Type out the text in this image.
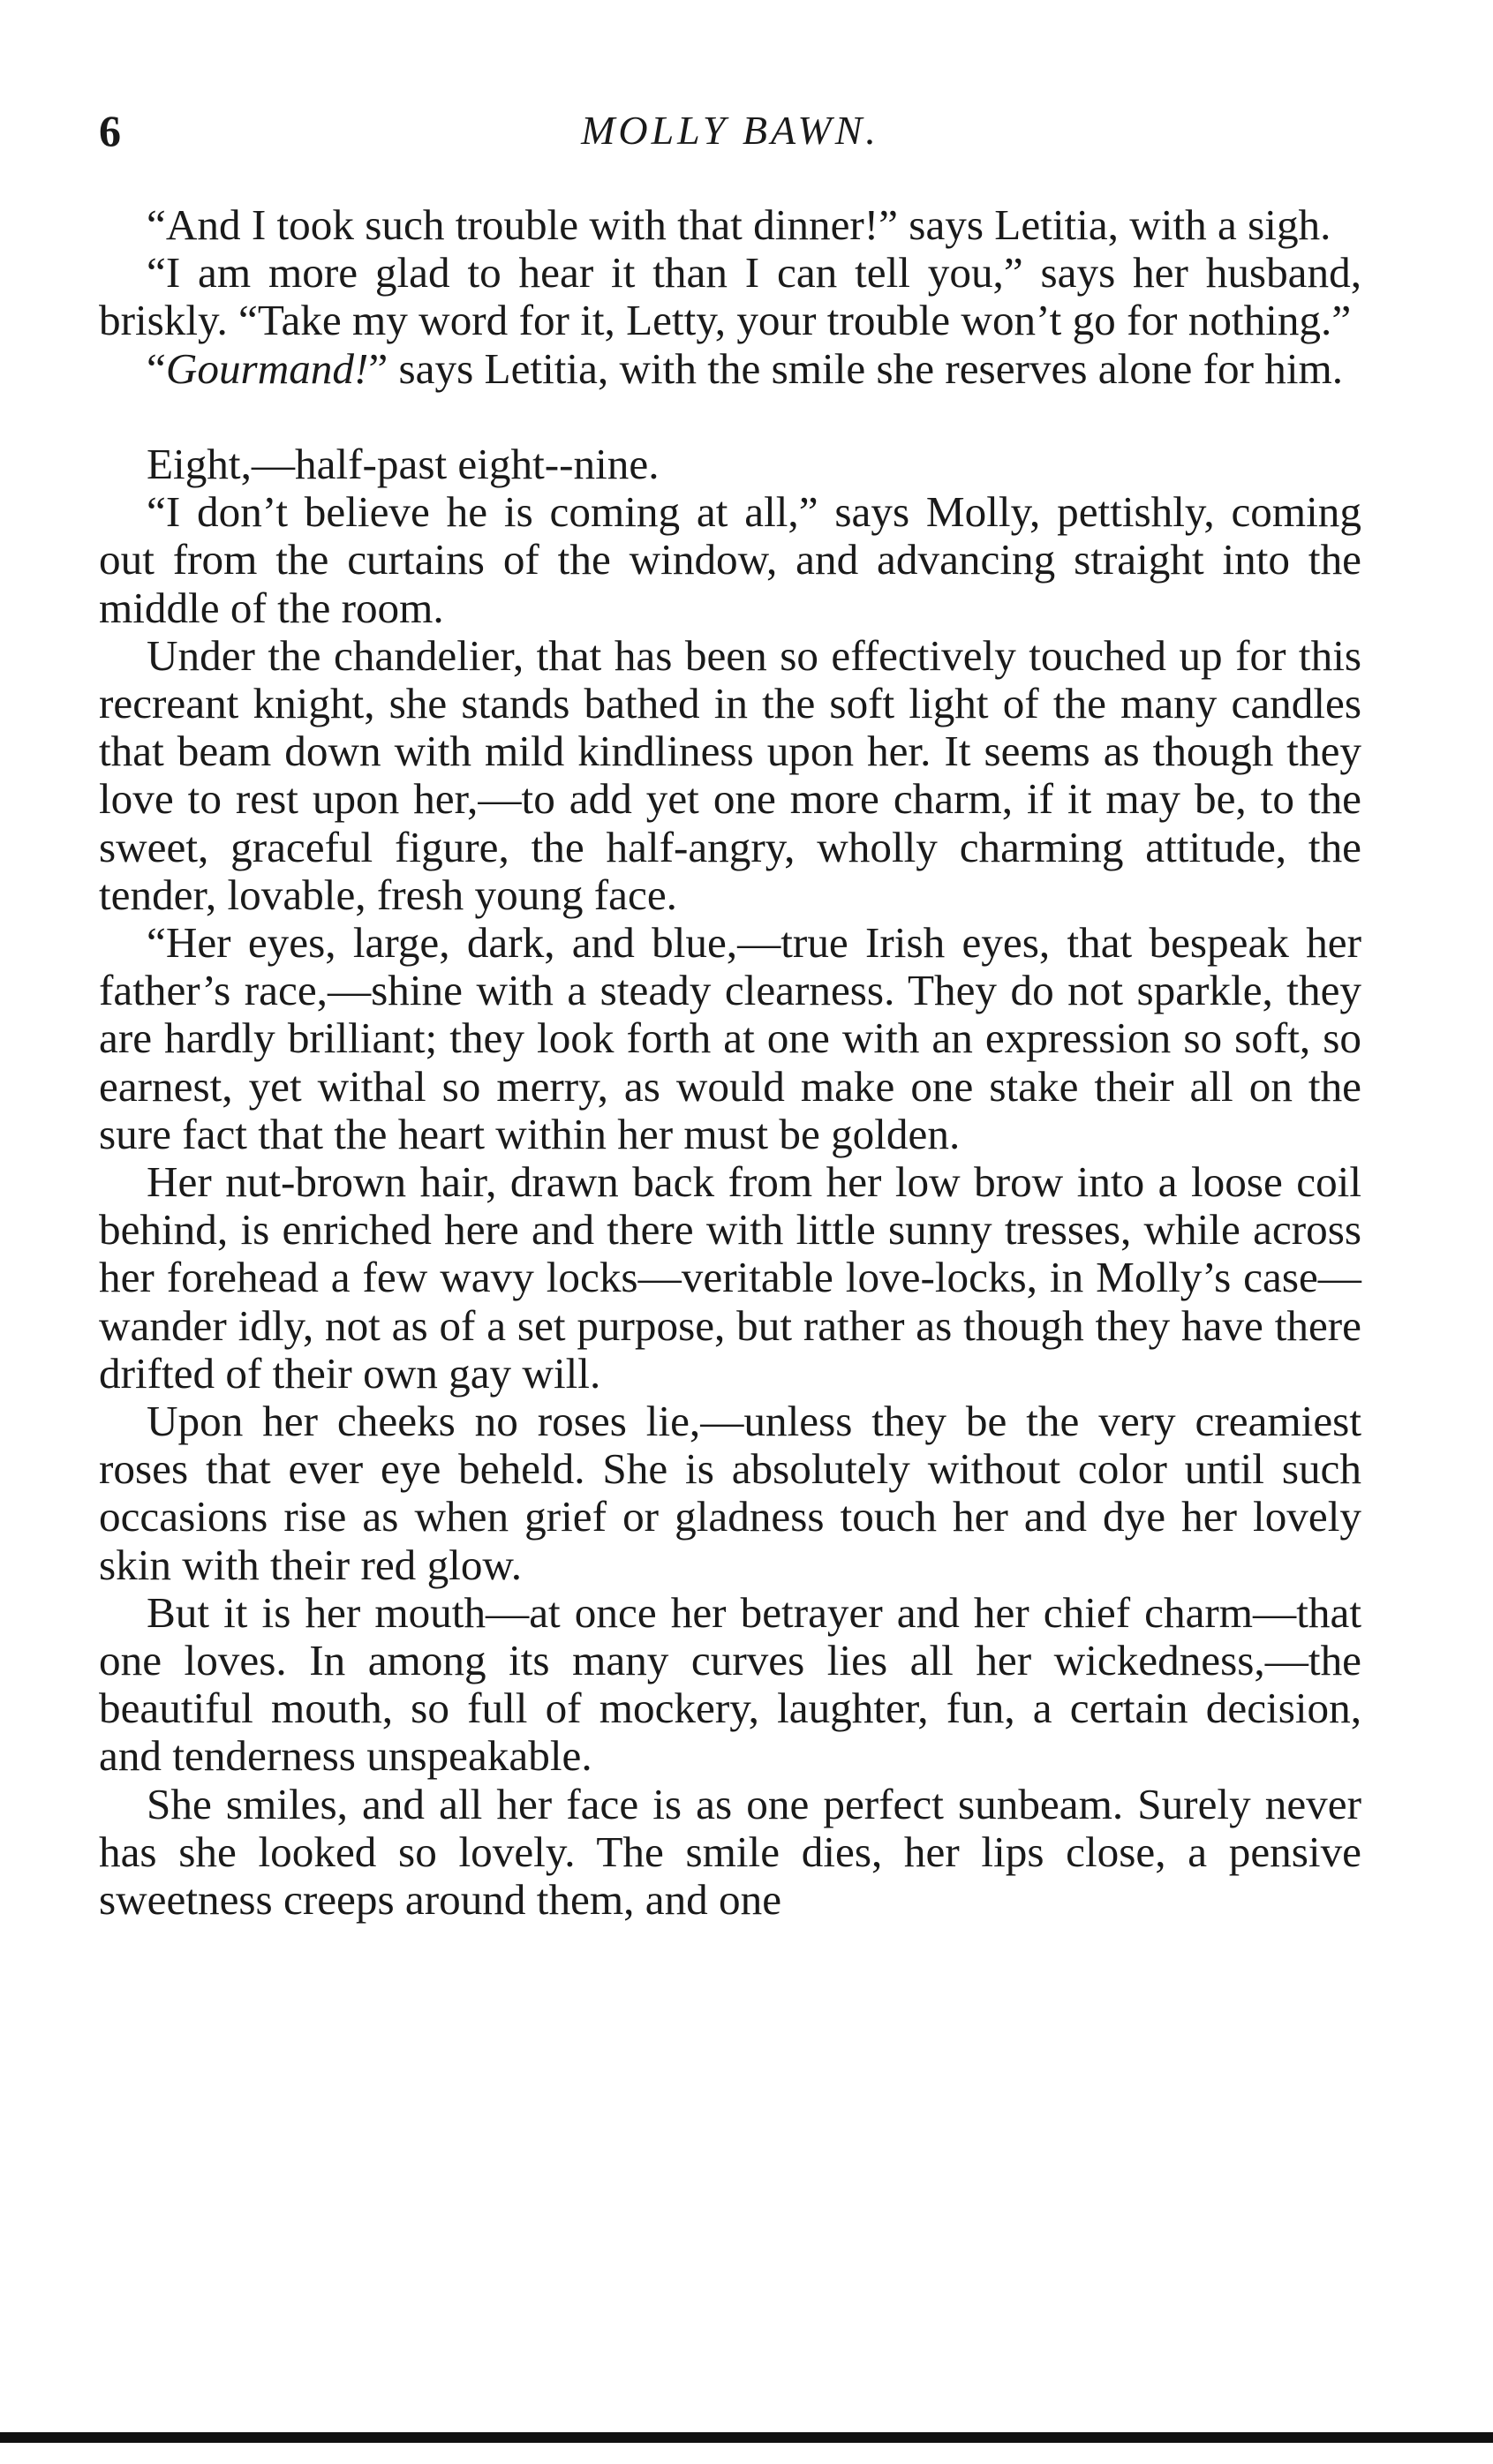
6	MOLLY BAWN.

“And I took such trouble with that dinner!” says Letitia, with a sigh.

“I am more glad to hear it than I can tell you,” says her husband, briskly. “Take my word for it, Letty, your trouble won’t go for nothing.”

“Gourmand!” says Letitia, with the smile she reserves alone for him.

Eight,—half-past eight--nine.

“I don’t believe he is coming at all,” says Molly, pettishly, coming out from the curtains of the window, and advancing straight into the middle of the room.

Under the chandelier, that has been so effectively touched up for this recreant knight, she stands bathed in the soft light of the many candles that beam down with mild kindliness upon her. It seems as though they love to rest upon her,—to add yet one more charm, if it may be, to the sweet, graceful figure, the half-angry, wholly charming attitude, the tender, lovable, fresh young face.

“Her eyes, large, dark, and blue,—true Irish eyes, that bespeak her father’s race,—shine with a steady clearness. They do not sparkle, they are hardly brilliant; they look forth at one with an expression so soft, so earnest, yet withal so merry, as would make one stake their all on the sure fact that the heart within her must be golden.

Her nut-brown hair, drawn back from her low brow into a loose coil behind, is enriched here and there with little sunny tresses, while across her forehead a few wavy locks—veritable love-locks, in Molly’s case—wander idly, not as of a set purpose, but rather as though they have there drifted of their own gay will.

Upon her cheeks no roses lie,—unless they be the very creamiest roses that ever eye beheld. She is absolutely without color until such occasions rise as when grief or gladness touch her and dye her lovely skin with their red glow.

But it is her mouth—at once her betrayer and her chief charm—that one loves. In among its many curves lies all her wickedness,—the beautiful mouth, so full of mockery, laughter, fun, a certain decision, and tenderness unspeakable.

She smiles, and all her face is as one perfect sunbeam. Surely never has she looked so lovely. The smile dies, her lips close, a pensive sweetness creeps around them, and one
